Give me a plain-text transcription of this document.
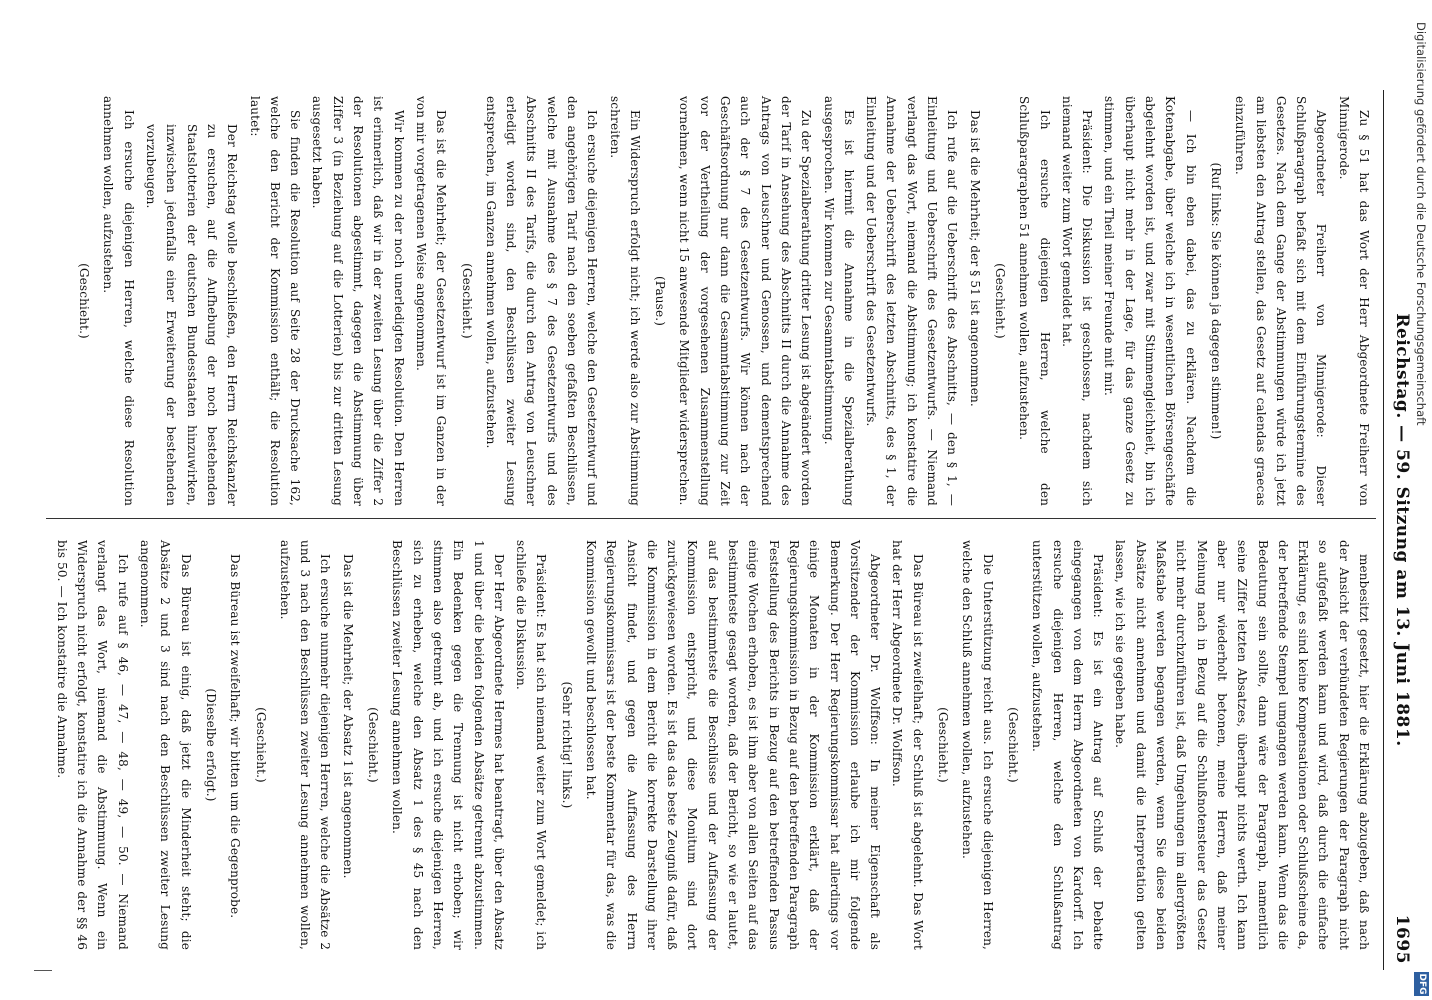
Reichstag. — 59. Sitzung am 13. Juni 1881.
1695

Zu § 51 hat das Wort der Herr Abgeordnete Freiherr von Minnigerode.

Abgeordneter Freiherr von Minnigerode: Dieser Schlußparagraph befaßt sich mit dem Einführungstermine des Gesetzes. Nach dem Gange der Abstimmungen würde ich jetzt am liebsten den Antrag stellen, das Gesetz auf calendas graecas einzuführen.

(Ruf links: Sie können ja dagegen stimmen!)

— Ich bin eben dabei, das zu erklären. Nachdem die Kotenabgabe, über welche ich in wesentlichen Börsengeschäfte abgelehnt worden ist, und zwar mit Stimmengleichheit, bin ich überhaupt nicht mehr in der Lage, für das ganze Gesetz zu stimmen, und ein Theil meiner Freunde mit mir.

Präsident: Die Diskussion ist geschlossen, nachdem sich niemand weiter zum Wort gemeldet hat.

Ich ersuche diejenigen Herren, welche den Schlußparagraphen 51 annehmen wollen, aufzustehen.

(Geschieht.)

Das ist die Mehrheit; der § 51 ist angenommen.

Ich rufe auf die Ueberschrift des Abschnitts, — den § 1, — Einleitung und Ueberschrift des Gesetzentwurfs. — Niemand verlangt das Wort, niemand die Abstimmung; ich konstatire die Annahme der Ueberschrift des letzten Abschnitts, des § 1, der Einleitung und der Ueberschrift des Gesetzentwurfs.

Es ist hiermit die Annahme in die Spezialberathung ausgesprochen. Wir kommen zur Gesammtabstimmung.

Zu der Spezialberathung dritter Lesung ist abgeändert worden der Tarif in Ansehung des Abschnitts II durch die Annahme des Antrags von Leuschner und Genossen, und dementsprechend auch der § 7 des Gesetzentwurfs. Wir können nach der Geschäftsordnung nur dann die Gesammtabstimmung zur Zeit vor der Vertheilung der vorgesehenen Zusammenstellung vornehmen, wenn nicht 15 anwesende Mitglieder widersprechen.

(Pause.)

Ein Widerspruch erfolgt nicht; ich werde also zur Abstimmung schreiten.

Ich ersuche diejenigen Herren, welche den Gesetzentwurf und den angehörigen Tarif nach den soeben gefaßten Beschlüssen, welche mit Ausnahme des § 7 des Gesetzentwurfs und des Abschnitts II des Tarifs, die durch den Antrag von Leuschner erledigt worden sind, den Beschlüssen zweiter Lesung entsprechen, im Ganzen annehmen wollen, aufzustehen.

(Geschieht.)

Das ist die Mehrheit; der Gesetzentwurf ist im Ganzen in der von mir vorgetragenen Weise angenommen.

Wir kommen zu der noch unerledigten Resolution. Den Herren ist erinnerlich, daß wir in der zweiten Lesung über die Ziffer 2 der Resolutionen abgestimmt, dagegen die Abstimmung über Ziffer 3 (in Beziehung auf die Lotterien) bis zur dritten Lesung ausgesetzt haben.

Sie finden die Resolution auf Seite 28 der Drucksache 162, welche den Bericht der Kommission enthält; die Resolution lautet:

Der Reichstag wolle beschließen, den Herrn Reichskanzler zu ersuchen, auf die Aufhebung der noch bestehenden Staatslotterien der deutschen Bundesstaaten hinzuwirken, inzwischen jedenfalls einer Erweiterung der bestehenden vorzubeugen.

Ich ersuche diejenigen Herren, welche diese Resolution annehmen wollen, aufzustehen.

(Geschieht.)

menbesitzt gesetzt, hier die Erklärung abzugeben, daß nach der Ansicht der verbündeten Regierungen der Paragraph nicht so aufgefaßt werden kann und wird, daß durch die einfache Erklärung, es sind keine Kompensationen oder Schlußscheine da, der betreffende Stempel umgangen werden kann. Wenn das die Bedeutung sein sollte, dann wäre der Paragraph, namentlich seine Ziffer letzten Absatzes, überhaupt nichts werth. Ich kann aber nur wiederholt betonen, meine Herren, daß meiner Meinung nach in Bezug auf die Schlußnotensteuer das Gesetz nicht mehr durchzuführen ist, daß Umgehungen im allergrößten Maßstabe werden begangen werden, wenn Sie diese beiden Absätze nicht annehmen und damit die Interpretation gelten lassen, wie ich sie gegeben habe.

Präsident: Es ist ein Antrag auf Schluß der Debatte eingegangen von dem Herrn Abgeordneten von Kardorff. Ich ersuche diejenigen Herren, welche den Schlußantrag unterstützen wollen, aufzustehen.

(Geschieht.)

Die Unterstützung reicht aus. Ich ersuche diejenigen Herren, welche den Schluß annehmen wollen, aufzustehen.

(Geschieht.)

Das Büreau ist zweifelhaft; der Schluß ist abgelehnt. Das Wort hat der Herr Abgeordnete Dr. Wolffson.

Abgeordneter Dr. Wolffson: In meiner Eigenschaft als Vorsitzender der Kommission erlaube ich mir folgende Bemerkung. Der Herr Regierungskommissar hat allerdings vor einige Monaten in der Kommission erklärt, daß der Regierungskommission in Bezug auf den betreffenden Paragraph Feststellung des Berichts in Bezug auf den betreffenden Passus einige Wochen erhoben, es ist ihm aber von allen Seiten auf das bestimmteste gesagt worden, daß der Bericht, so wie er lautet, auf das bestimmteste die Beschlüsse und der Auffassung der Kommission entspricht, und diese Monitum sind dort zurückgewiesen worden. Es ist das das beste Zeugniß dafür, daß die Kommission in dem Bericht die korrekte Darstellung ihrer Ansicht findet, und gegen die Auffassung des Herrn Regierungskommissars ist der beste Kommentar für das, was die Kommission gewollt und beschlossen hat.

(Sehr richtig! links.)

Präsident: Es hat sich niemand weiter zum Wort gemeldet; ich schließe die Diskussion.

Der Herr Abgeordnete Hermes hat beantragt, über den Absatz 1 und über die beiden folgenden Absätze getrennt abzustimmen. Ein Bedenken gegen die Trennung ist nicht erhoben; wir stimmen also getrennt ab, und ich ersuche diejenigen Herren, sich zu erheben, welche den Absatz 1 des § 45 nach den Beschlüssen zweiter Lesung annehmen wollen.

(Geschieht.)

Das ist die Mehrheit; der Absatz 1 ist angenommen.

Ich ersuche nunmehr diejenigen Herren, welche die Absätze 2 und 3 nach den Beschlüssen zweiter Lesung annehmen wollen, aufzustehen.

(Geschieht.)

Das Büreau ist zweifelhaft; wir bitten um die Gegenprobe.

(Dieselbe erfolgt.)

Das Büreau ist einig, daß jetzt die Minderheit steht; die Absätze 2 und 3 sind nach den Beschlüssen zweiter Lesung angenommen.

Ich rufe auf § 46, — 47, — 48, — 49, — 50. — Niemand verlangt das Wort, niemand die Abstimmung. Wenn ein Widerspruch nicht erfolgt, konstatire ich die Annahme der §§ 46 bis 50. — Ich konstatire die Annahme.

Digitalisierung gefördert durch die Deutsche Forschungsgemeinschaft
DFG
